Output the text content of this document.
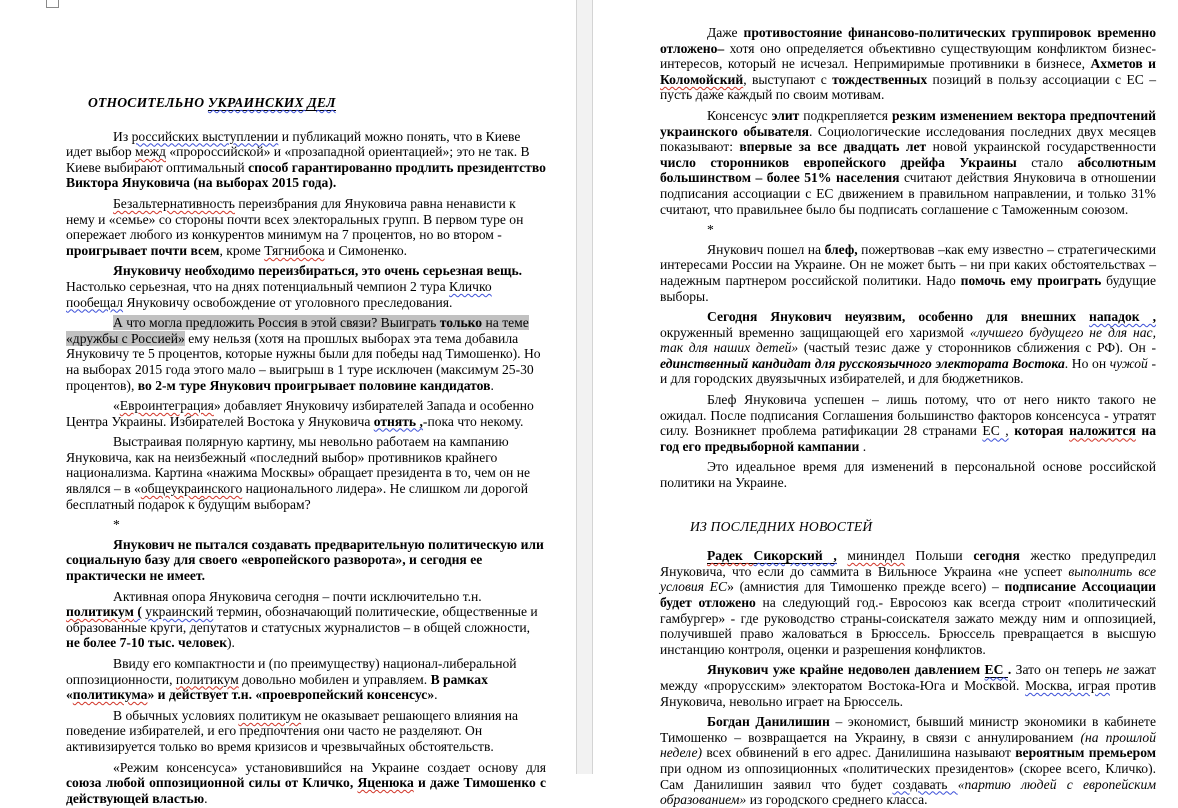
ОТНОСИТЕЛЬНО УКРАИНСКИХ ДЕЛ

Из российских выступлении и публикаций можно понять, что в Киеве идет выбор межд «пророссийской» и «прозападной ориентацией»; это не так. В Киеве выбирают оптимальный способ гарантированно продлить президентство Виктора Януковича (на выборах 2015 года).

Безальтернативность переизбрания для Януковича равна ненависти к нему и «семье» со стороны почти всех электоральных групп. В первом туре он опережает любого из конкурентов минимум на 7 процентов, но во втором - проигрывает почти всем, кроме Тягнибока и Симоненко.

Януковичу необходимо переизбираться, это очень серьезная вещь. Настолько серьезная, что на днях потенциальный чемпион 2 тура Кличко пообещал Януковичу освобождение от уголовного преследования.

А что могла предложить Россия в этой связи? Выиграть только на теме «дружбы с Россией» ему нельзя (хотя на прошлых выборах эта тема добавила Януковичу те 5 процентов, которые нужны были для победы над Тимошенко). Но на выборах 2015 года этого мало – выигрыш в 1 туре исключен (максимум 25-30 процентов), во 2-м туре Янукович проигрывает половине кандидатов.

«Евроинтеграция» добавляет Януковичу избирателей Запада и особенно Центра Украины. Избирателей Востока у Януковича отнять ,-пока что некому.

Выстраивая полярную картину, мы невольно работаем на кампанию Януковича, как на неизбежный «последний выбор» противников крайнего национализма. Картина «нажима Москвы» обращает президента в то, чем он не являлся – в «общеукраинского национального лидера». Не слишком ли дорогой бесплатный подарок к будущим выборам?

*

Янукович не пытался создавать предварительную политическую или социальную базу для своего «европейского разворота», и сегодня ее практически не имеет.

Активная опора Януковича сегодня – почти исключительно т.н. политикум ( украинский термин, обозначающий политические, общественные и образованные круги, депутатов и статусных журналистов – в общей сложности, не более 7-10 тыс. человек).

Ввиду его компактности и (по преимуществу) национал-либеральной оппозиционности, политикум довольно мобилен и управляем. В рамках «политикума» и действует т.н. «проевропейский консенсус».

В обычных условиях политикум не оказывает решающего влияния на поведение избирателей, и его предпочтения они часто не разделяют. Он активизируется только во время кризисов и чрезвычайных обстоятельств.

«Режим консенсуса» установившийся на Украине создает основу для союза любой оппозиционной силы от Кличко, Яценюка и даже Тимошенко с действующей властью.

Даже противостояние финансово-политических группировок временно отложено– хотя оно определяется объективно существующим конфликтом бизнес-интересов, который не исчезал. Непримиримые противники в бизнесе, Ахметов и Коломойский, выступают с тождественных позиций в пользу ассоциации с ЕС – пусть даже каждый по своим мотивам.

Консенсус элит подкрепляется резким изменением вектора предпочтений украинского обывателя. Социологические исследования последних двух месяцев показывают: впервые за все двадцать лет новой украинской государственности число сторонников европейского дрейфа Украины стало абсолютным большинством – более 51% населения считают действия Януковича в отношении подписания ассоциации с ЕС движением в правильном направлении, и только 31% считают, что правильнее было бы подписать соглашение с Таможенным союзом.

*

Янукович пошел на блеф, пожертвовав –как ему известно – стратегическими интересами России на Украине. Он не может быть – ни при каких обстоятельствах – надежным партнером российской политики. Надо помочь ему проиграть будущие выборы.

Сегодня Янукович неуязвим, особенно для внешних нападок , окруженный временно защищающей его харизмой «лучшего будущего не для нас, так для наших детей» (частый тезис даже у сторонников сближения с РФ). Он - единственный кандидат для русскоязычного электората Востока. Но он чужой - и для городских двуязычных избирателей, и для бюджетников.

Блеф Януковича успешен – лишь потому, что от него никто такого не ожидал. После подписания Соглашения большинство факторов консенсуса - утратят силу. Возникнет проблема ратификации 28 странами ЕС , которая наложится на год его предвыборной кампании .

Это идеальное время для изменений в персональной основе российской политики на Украине.

ИЗ ПОСЛЕДНИХ НОВОСТЕЙ

Радек Сикорский , мининдел Польши сегодня жестко предупредил Януковича, что если до саммита в Вильнюсе Украина «не успеет выполнить все условия ЕС» (амнистия для Тимошенко прежде всего) – подписание Ассоциации будет отложено на следующий год.- Евросоюз как всегда строит «политический гамбургер» - где руководство страны-соискателя зажато между ним и оппозицией, получившей право жаловаться в Брюссель. Брюссель превращается в высшую инстанцию контроля, оценки и разрешения конфликтов.

Янукович уже крайне недоволен давлением ЕС . Зато он теперь не зажат между «прорусским» электоратом Востока-Юга и Москвой. Москва, играя против Януковича, невольно играет на Брюссель.

Богдан Данилишин – экономист, бывший министр экономики в кабинете Тимошенко – возвращается на Украину, в связи с аннулированием (на прошлой неделе) всех обвинений в его адрес. Данилишина называют вероятным премьером при одном из оппозиционных «политических президентов» (скорее всего, Кличко). Сам Данилишин заявил что будет создавать «партию людей с европейским образованием» из городского среднего класса.
